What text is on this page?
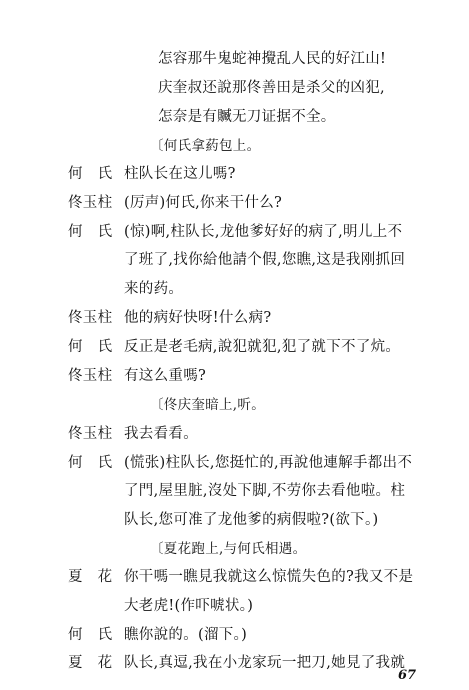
怎容那牛鬼蛇神攪乱人民的好江山!
庆奎叔还說那佟善田是杀父的凶犯,
怎奈是有贓无刀证据不全。
〔何氏拿葯包上。
何　氏 柱队长在这儿嗎?
佟玉柱 (厉声)何氏,你来干什么?
何　氏 (惊)啊,柱队长,龙他爹好好的病了,明儿上不
了班了,找你給他請个假,您瞧,这是我刚抓回
来的药。
佟玉柱 他的病好快呀!什么病?
何　氏 反正是老毛病,說犯就犯,犯了就下不了炕。
佟玉柱 有这么重嗎?
〔佟庆奎暗上,听。
佟玉柱 我去看看。
何　氏 (慌张)柱队长,您挺忙的,再說他連解手都出不
了門,屋里脏,沒处下脚,不劳你去看他啦。柱
队长,您可准了龙他爹的病假啦?(欲下。)
〔夏花跑上,与何氏相遇。
夏　花 你干嗎一瞧見我就这么惊慌失色的?我又不是
大老虎!(作吓唬状。)
何　氏 瞧你說的。(溜下。)
夏　花 队长,真逗,我在小龙家玩一把刀,她見了我就
67
